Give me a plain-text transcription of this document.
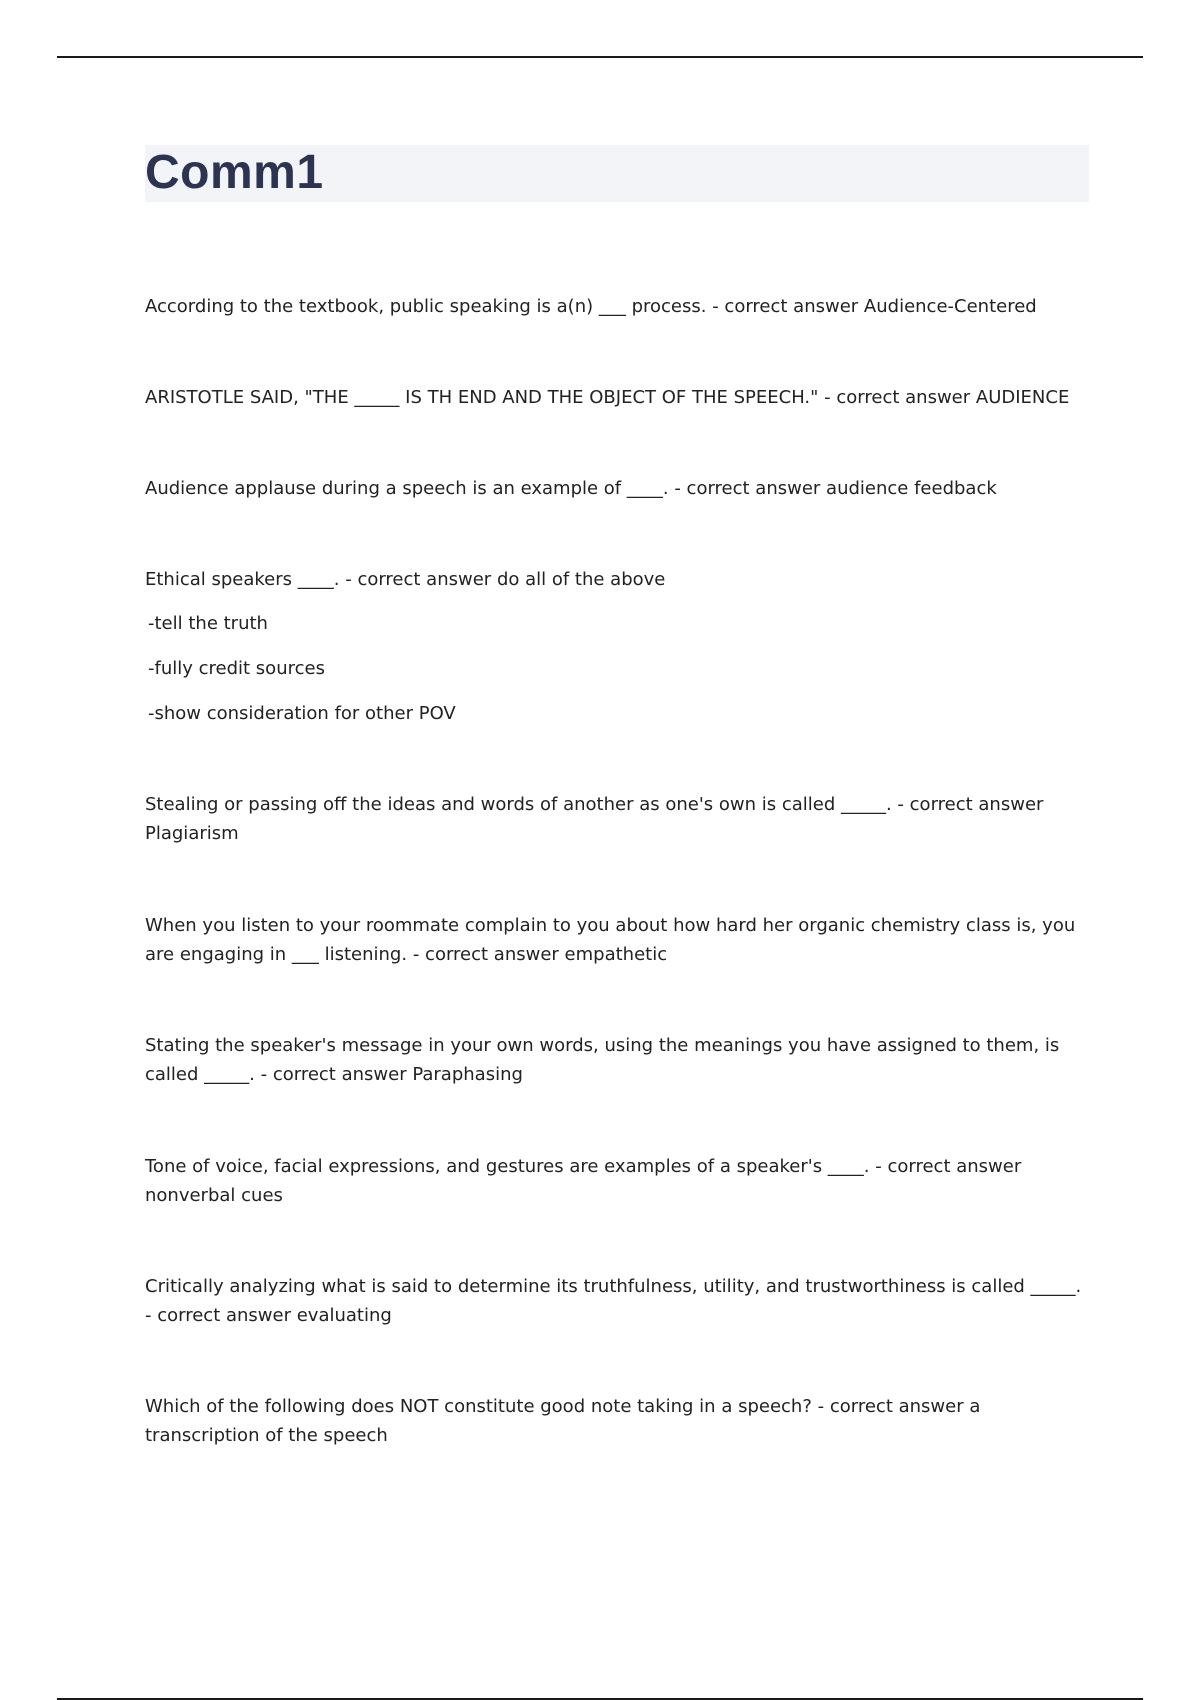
Comm1

According to the textbook, public speaking is a(n) ___ process. - correct answer Audience-Centered

ARISTOTLE SAID, "THE _____ IS TH END AND THE OBJECT OF THE SPEECH." - correct answer AUDIENCE

Audience applause during a speech is an example of ____. - correct answer audience feedback

Ethical speakers ____. - correct answer do all of the above

-tell the truth

-fully credit sources

-show consideration for other POV

Stealing or passing off the ideas and words of another as one's own is called _____. - correct answer Plagiarism

When you listen to your roommate complain to you about how hard her organic chemistry class is, you are engaging in ___ listening. - correct answer empathetic

Stating the speaker's message in your own words, using the meanings you have assigned to them, is called _____. - correct answer Paraphasing

Tone of voice, facial expressions, and gestures are examples of a speaker's ____. - correct answer nonverbal cues

Critically analyzing what is said to determine its truthfulness, utility, and trustworthiness is called _____. - correct answer evaluating

Which of the following does NOT constitute good note taking in a speech? - correct answer a transcription of the speech
